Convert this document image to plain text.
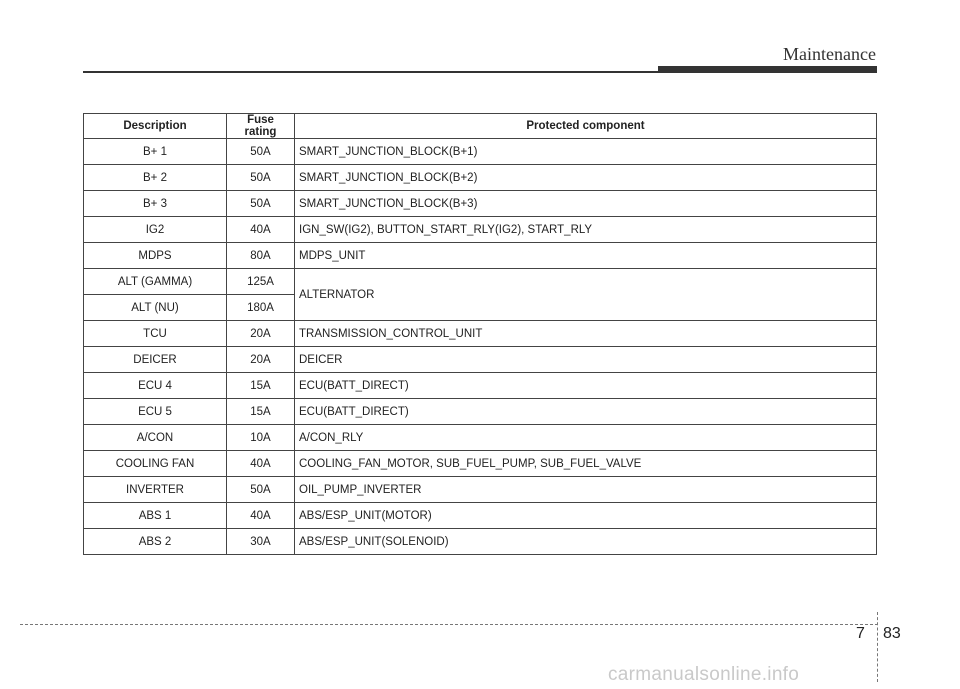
Maintenance
Description	Fuse rating	Protected component
B+ 1	50A	SMART_JUNCTION_BLOCK(B+1)
B+ 2	50A	SMART_JUNCTION_BLOCK(B+2)
B+ 3	50A	SMART_JUNCTION_BLOCK(B+3)
IG2	40A	IGN_SW(IG2), BUTTON_START_RLY(IG2), START_RLY
MDPS	80A	MDPS_UNIT
ALT (GAMMA)	125A	ALTERNATOR
ALT (NU)	180A	
TCU	20A	TRANSMISSION_CONTROL_UNIT
DEICER	20A	DEICER
ECU 4	15A	ECU(BATT_DIRECT)
ECU 5	15A	ECU(BATT_DIRECT)
A/CON	10A	A/CON_RLY
COOLING FAN	40A	COOLING_FAN_MOTOR, SUB_FUEL_PUMP, SUB_FUEL_VALVE
INVERTER	50A	OIL_PUMP_INVERTER
ABS 1	40A	ABS/ESP_UNIT(MOTOR)
ABS 2	30A	ABS/ESP_UNIT(SOLENOID)
7 83
carmanualsonline.info
